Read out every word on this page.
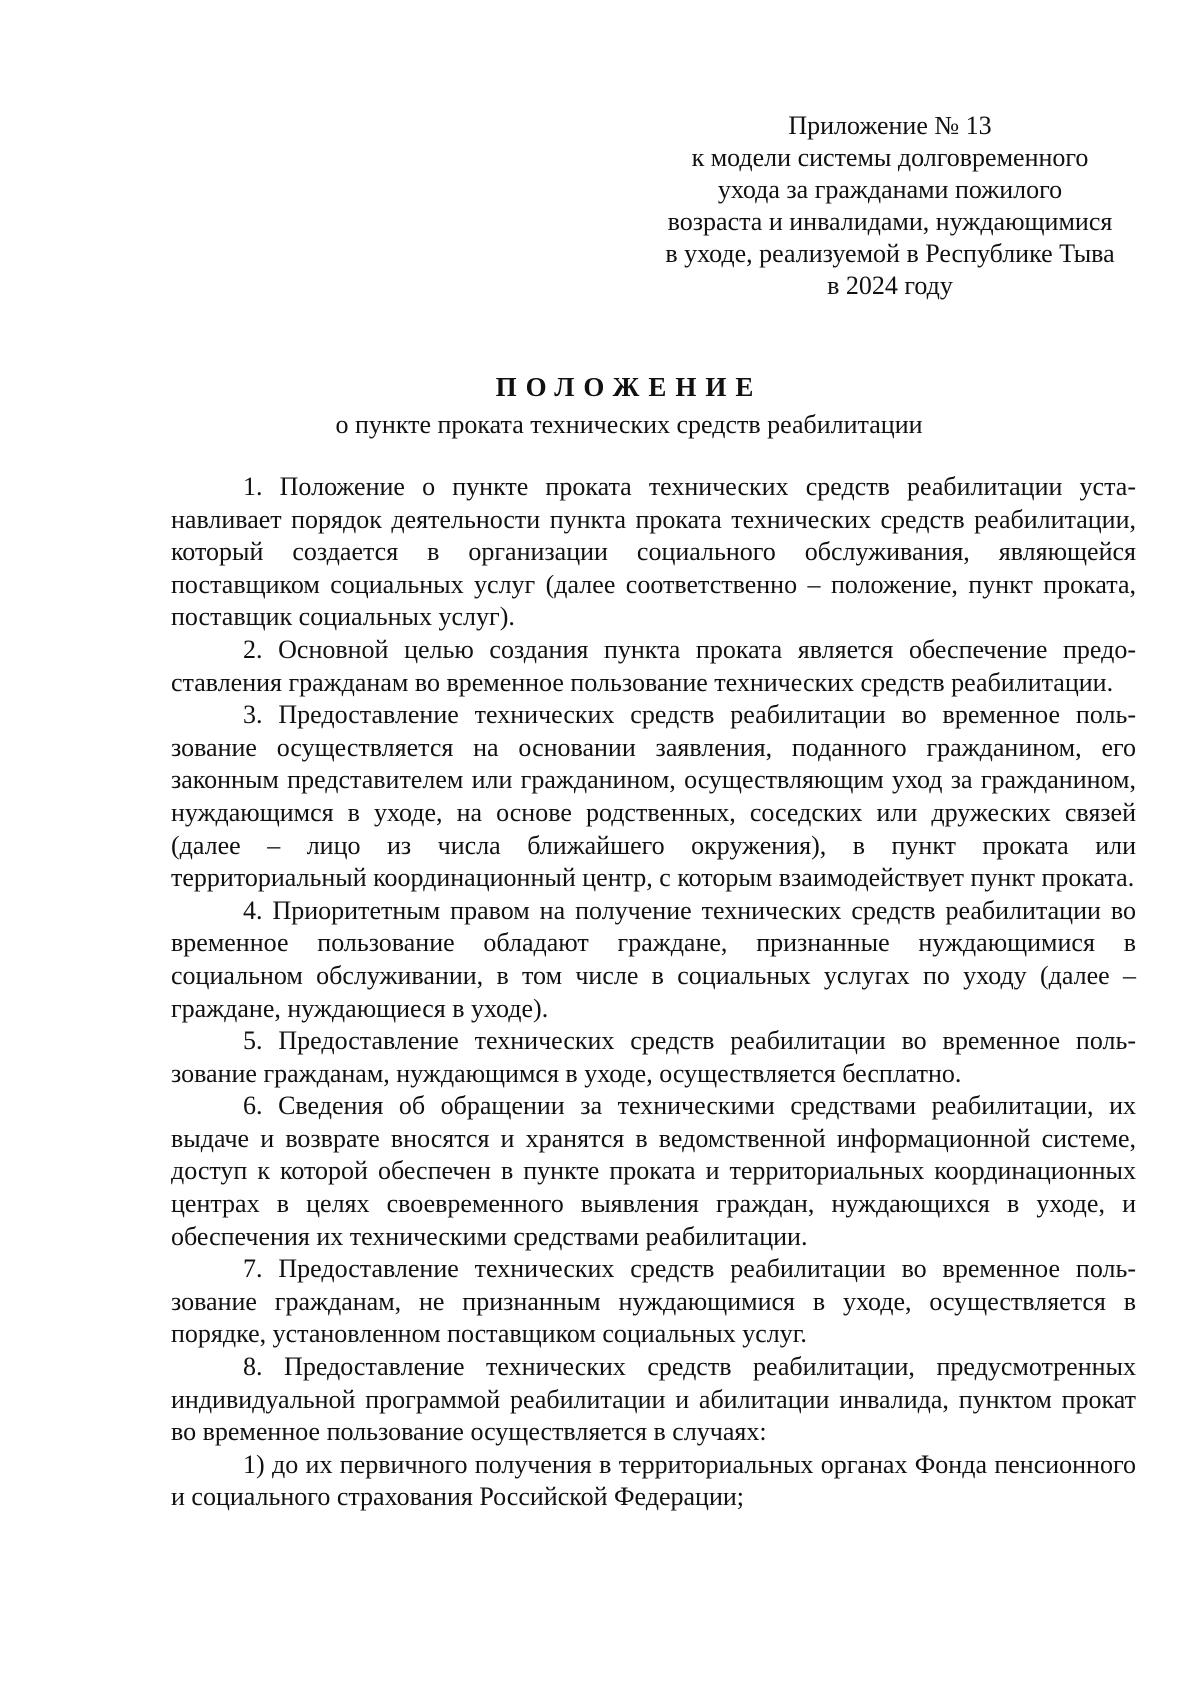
Приложение № 13
к модели системы долговременного
ухода за гражданами пожилого
возраста и инвалидами, нуждающимися
в уходе, реализуемой в Республике Тыва
в 2024 году
ПОЛОЖЕНИЕ
о пункте проката технических средств реабилитации

1. Положение о пункте проката технических средств реабилитации устанавливает порядок деятельности пункта проката технических средств реабилитации, который создается в организации социального обслуживания, являющейся поставщиком социальных услуг (далее соответственно – положение, пункт проката, поставщик социальных услуг).

2. Основной целью создания пункта проката является обеспечение предоставления гражданам во временное пользование технических средств реабилитации.

3. Предоставление технических средств реабилитации во временное пользование осуществляется на основании заявления, поданного гражданином, его законным представителем или гражданином, осуществляющим уход за гражданином, нуждающимся в уходе, на основе родственных, соседских или дружеских связей (далее – лицо из числа ближайшего окружения), в пункт проката или территориальный координационный центр, с которым взаимодействует пункт проката.

4. Приоритетным правом на получение технических средств реабилитации во временное пользование обладают граждане, признанные нуждающимися в социальном обслуживании, в том числе в социальных услугах по уходу (далее – граждане, нуждающиеся в уходе).

5. Предоставление технических средств реабилитации во временное пользование гражданам, нуждающимся в уходе, осуществляется бесплатно.

6. Сведения об обращении за техническими средствами реабилитации, их выдаче и возврате вносятся и хранятся в ведомственной информационной системе, доступ к которой обеспечен в пункте проката и территориальных координационных центрах в целях своевременного выявления граждан, нуждающихся в уходе, и обеспечения их техническими средствами реабилитации.

7. Предоставление технических средств реабилитации во временное пользование гражданам, не признанным нуждающимися в уходе, осуществляется в порядке, установленном поставщиком социальных услуг.

8. Предоставление технических средств реабилитации, предусмотренных индивидуальной программой реабилитации и абилитации инвалида, пунктом прокат во временное пользование осуществляется в случаях:

1) до их первичного получения в территориальных органах Фонда пенсионного и социального страхования Российской Федерации;
